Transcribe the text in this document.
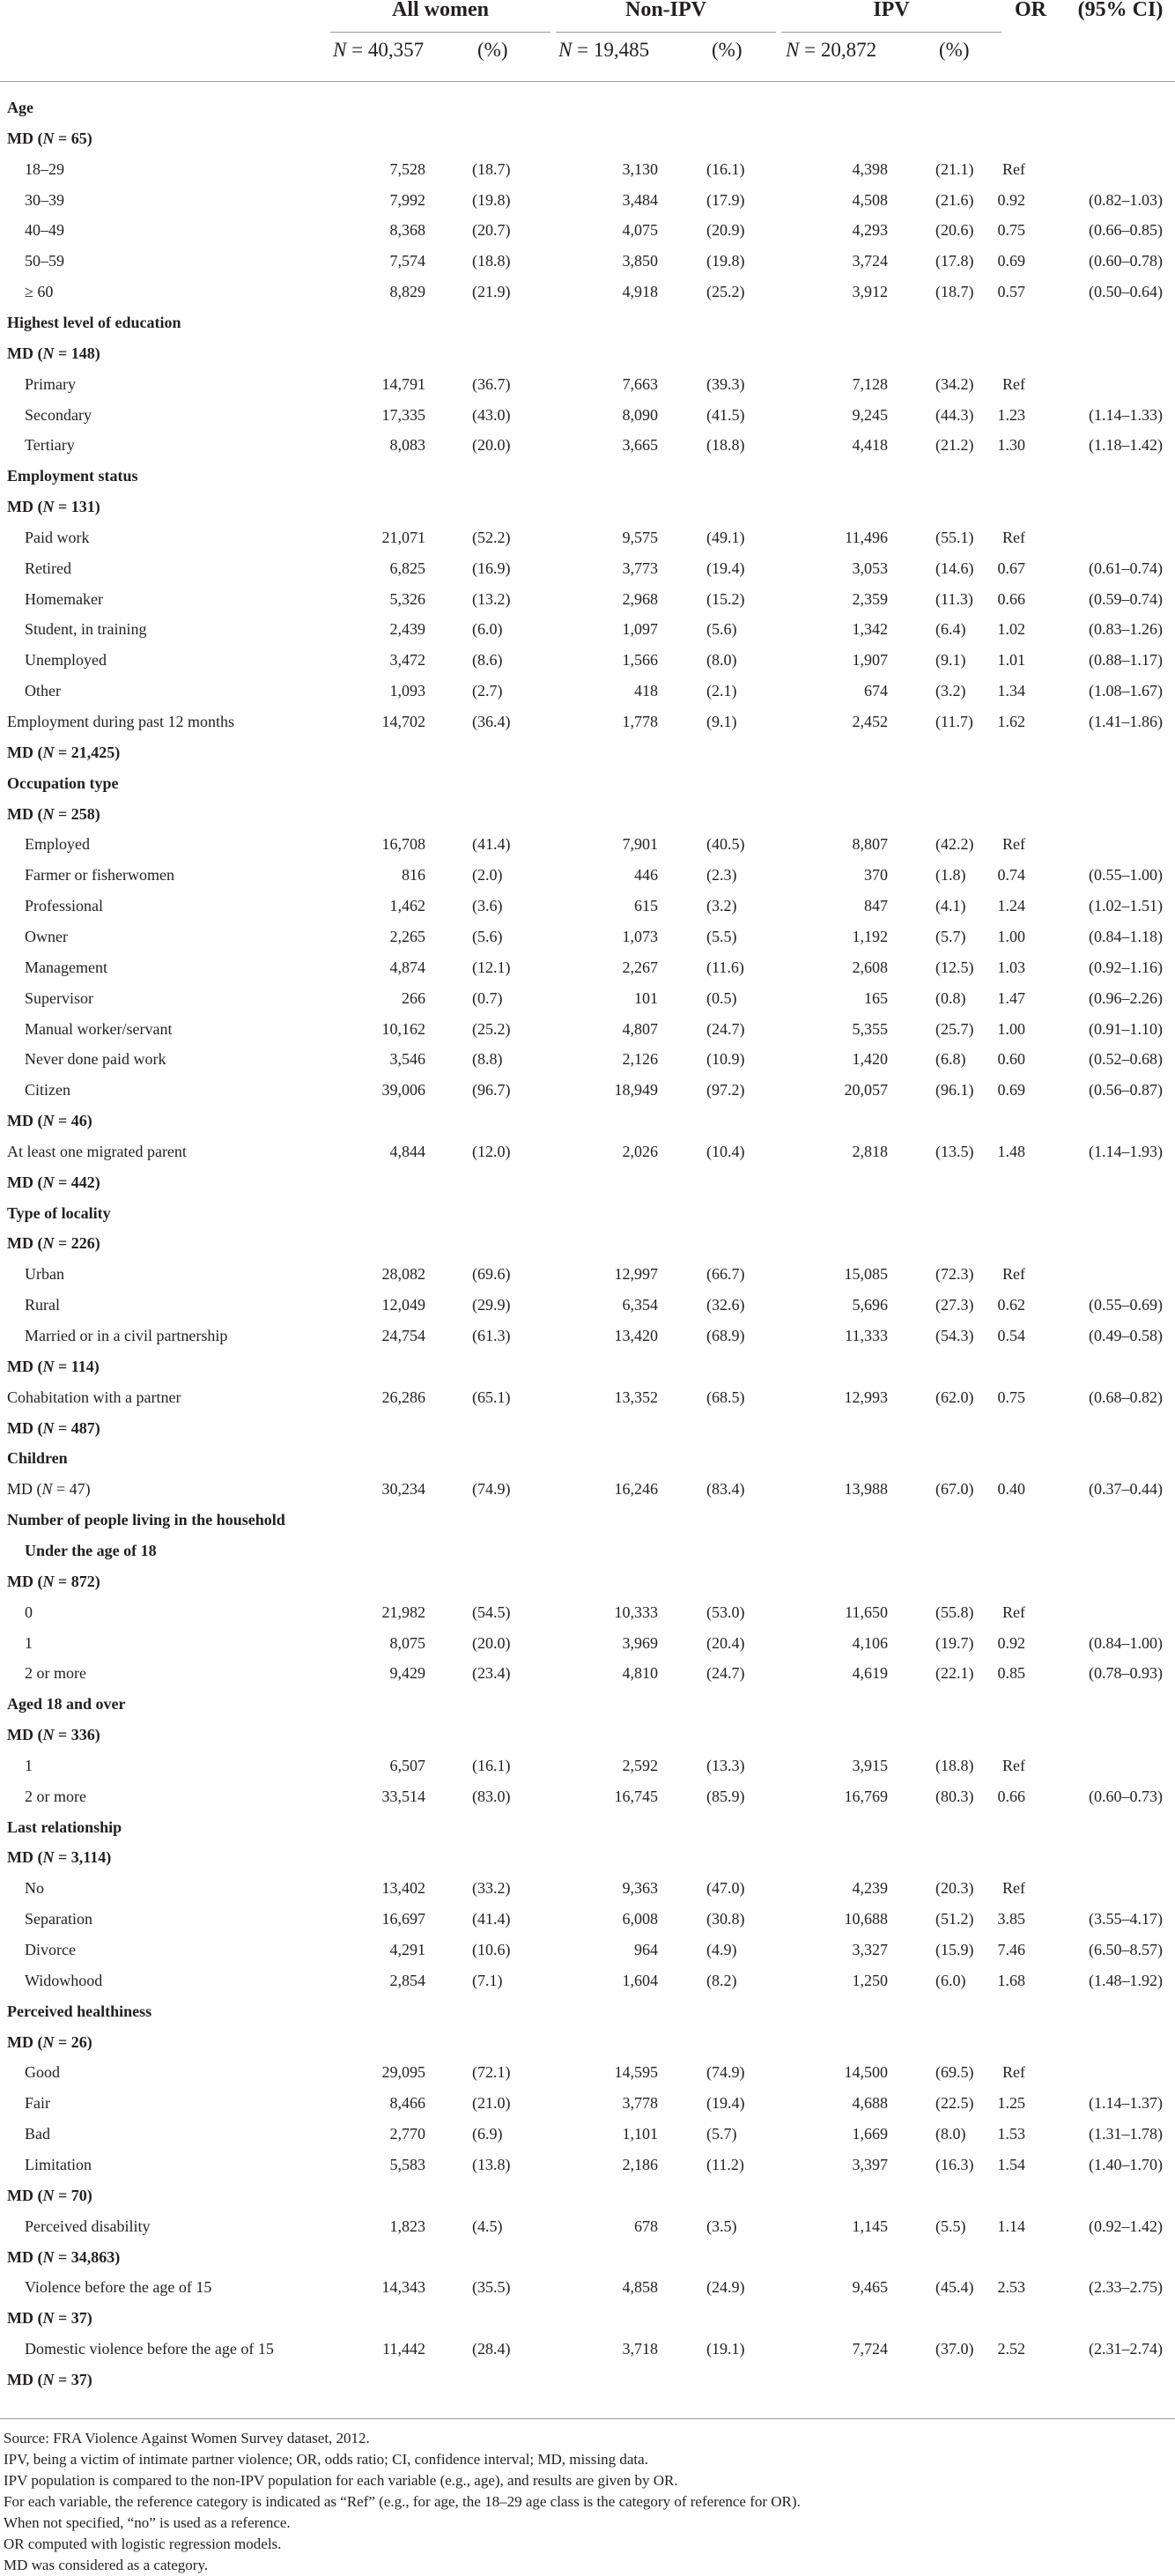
All women	Non-IPV	IPV	OR	(95% CI)
N = 40,357	(%)	N = 19,485	(%) N = 20,872	(%)
Age
MD (N = 65)
18–29	7,528	(18.7)	3,130	(16.1)	4,398	(21.1) Ref
30–39	7,992	(19.8)	3,484	(17.9)	4,508	(21.6) 0.92	(0.82–1.03)
40–49	8,368	(20.7)	4,075	(20.9)	4,293	(20.6) 0.75	(0.66–0.85)
50–59	7,574	(18.8)	3,850	(19.8)	3,724	(17.8) 0.69	(0.60–0.78)
≥ 60	8,829	(21.9)	4,918	(25.2)	3,912	(18.7) 0.57	(0.50–0.64)
Highest level of education
MD (N = 148)
Primary	14,791	(36.7)	7,663	(39.3)	7,128	(34.2) Ref
Secondary	17,335	(43.0)	8,090	(41.5)	9,245	(44.3) 1.23	(1.14–1.33)
Tertiary	8,083	(20.0)	3,665	(18.8)	4,418	(21.2) 1.30	(1.18–1.42)
Employment status
MD (N = 131)
Paid work	21,071	(52.2)	9,575	(49.1)	11,496	(55.1) Ref
Retired	6,825	(16.9)	3,773	(19.4)	3,053	(14.6) 0.67	(0.61–0.74)
Homemaker	5,326	(13.2)	2,968	(15.2)	2,359	(11.3) 0.66	(0.59–0.74)
Student, in training	2,439	(6.0)	1,097	(5.6)	1,342	(6.4) 1.02	(0.83–1.26)
Unemployed	3,472	(8.6)	1,566	(8.0)	1,907	(9.1) 1.01	(0.88–1.17)
Other	1,093	(2.7)	418	(2.1)	674	(3.2) 1.34	(1.08–1.67)
Employment during past 12 months	14,702	(36.4)	1,778	(9.1)	2,452	(11.7) 1.62	(1.41–1.86)
MD (N = 21,425)
Occupation type
MD (N = 258)
Employed	16,708	(41.4)	7,901	(40.5)	8,807	(42.2) Ref
Farmer or fisherwomen	816	(2.0)	446	(2.3)	370	(1.8) 0.74	(0.55–1.00)
Professional	1,462	(3.6)	615	(3.2)	847	(4.1) 1.24	(1.02–1.51)
Owner	2,265	(5.6)	1,073	(5.5)	1,192	(5.7) 1.00	(0.84–1.18)
Management	4,874	(12.1)	2,267	(11.6)	2,608	(12.5) 1.03	(0.92–1.16)
Supervisor	266	(0.7)	101	(0.5)	165	(0.8) 1.47	(0.96–2.26)
Manual worker/servant	10,162	(25.2)	4,807	(24.7)	5,355	(25.7) 1.00	(0.91–1.10)
Never done paid work	3,546	(8.8)	2,126	(10.9)	1,420	(6.8) 0.60	(0.52–0.68)
Citizen	39,006	(96.7)	18,949	(97.2)	20,057	(96.1) 0.69	(0.56–0.87)
MD (N = 46)
At least one migrated parent	4,844	(12.0)	2,026	(10.4)	2,818	(13.5) 1.48	(1.14–1.93)
MD (N = 442)
Type of locality
MD (N = 226)
Urban	28,082	(69.6)	12,997	(66.7)	15,085	(72.3) Ref
Rural	12,049	(29.9)	6,354	(32.6)	5,696	(27.3) 0.62	(0.55–0.69)
Married or in a civil partnership	24,754	(61.3)	13,420	(68.9)	11,333	(54.3) 0.54	(0.49–0.58)
MD (N = 114)
Cohabitation with a partner	26,286	(65.1)	13,352	(68.5)	12,993	(62.0) 0.75	(0.68–0.82)
MD (N = 487)
Children
MD (N = 47)	30,234	(74.9)	16,246	(83.4)	13,988	(67.0) 0.40	(0.37–0.44)
Number of people living in the household
Under the age of 18
MD (N = 872)
0	21,982	(54.5)	10,333	(53.0)	11,650	(55.8) Ref
1	8,075	(20.0)	3,969	(20.4)	4,106	(19.7) 0.92	(0.84–1.00)
2 or more	9,429	(23.4)	4,810	(24.7)	4,619	(22.1) 0.85	(0.78–0.93)
Aged 18 and over
MD (N = 336)
1	6,507	(16.1)	2,592	(13.3)	3,915	(18.8) Ref
2 or more	33,514	(83.0)	16,745	(85.9)	16,769	(80.3) 0.66	(0.60–0.73)
Last relationship
MD (N = 3,114)
No	13,402	(33.2)	9,363	(47.0)	4,239	(20.3) Ref
Separation	16,697	(41.4)	6,008	(30.8)	10,688	(51.2) 3.85	(3.55–4.17)
Divorce	4,291	(10.6)	964	(4.9)	3,327	(15.9) 7.46	(6.50–8.57)
Widowhood	2,854	(7.1)	1,604	(8.2)	1,250	(6.0) 1.68	(1.48–1.92)
Perceived healthiness
MD (N = 26)
Good	29,095	(72.1)	14,595	(74.9)	14,500	(69.5) Ref
Fair	8,466	(21.0)	3,778	(19.4)	4,688	(22.5) 1.25	(1.14–1.37)
Bad	2,770	(6.9)	1,101	(5.7)	1,669	(8.0) 1.53	(1.31–1.78)
Limitation	5,583	(13.8)	2,186	(11.2)	3,397	(16.3) 1.54	(1.40–1.70)
MD (N = 70)
Perceived disability	1,823	(4.5)	678	(3.5)	1,145	(5.5) 1.14	(0.92–1.42)
MD (N = 34,863)
Violence before the age of 15	14,343	(35.5)	4,858	(24.9)	9,465	(45.4) 2.53	(2.33–2.75)
MD (N = 37)
Domestic violence before the age of 15	11,442	(28.4)	3,718	(19.1)	7,724	(37.0) 2.52	(2.31–2.74)
MD (N = 37)
Source: FRA Violence Against Women Survey dataset, 2012.
IPV, being a victim of intimate partner violence; OR, odds ratio; CI, confidence interval; MD, missing data.
IPV population is compared to the non-IPV population for each variable (e.g., age), and results are given by OR.
For each variable, the reference category is indicated as “Ref” (e.g., for age, the 18–29 age class is the category of reference for OR).
When not specified, “no” is used as a reference.
OR computed with logistic regression models.
MD was considered as a category.
